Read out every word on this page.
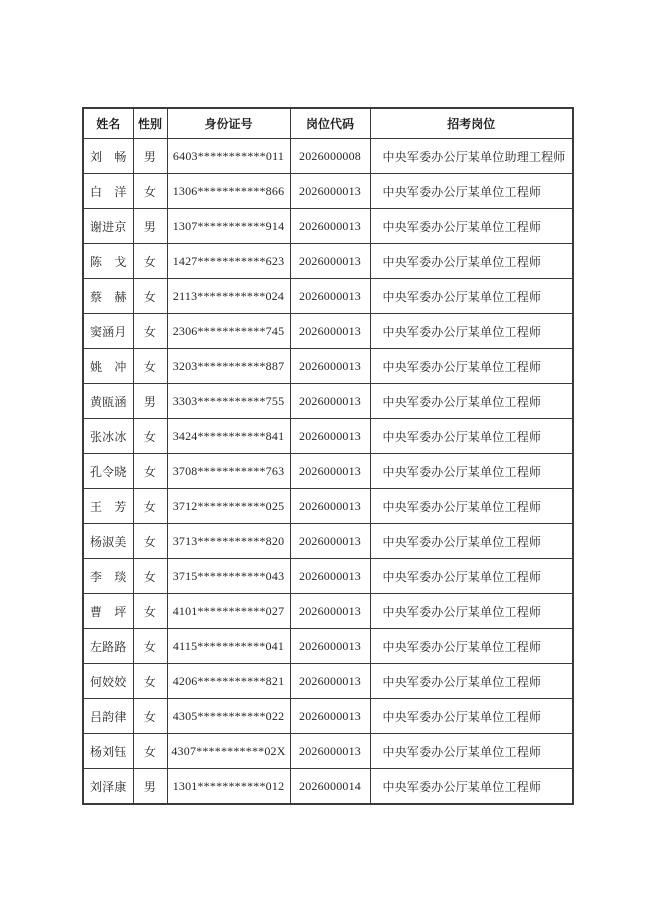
姓名	性别	身份证号	岗位代码	招考岗位
刘　畅	男	6403***********011	2026000008	中央军委办公厅某单位助理工程师
白　洋	女	1306***********866	2026000013	中央军委办公厅某单位工程师
谢进京	男	1307***********914	2026000013	中央军委办公厅某单位工程师
陈　戈	女	1427***********623	2026000013	中央军委办公厅某单位工程师
蔡　赫	女	2113***********024	2026000013	中央军委办公厅某单位工程师
窦涵月	女	2306***********745	2026000013	中央军委办公厅某单位工程师
姚　冲	女	3203***********887	2026000013	中央军委办公厅某单位工程师
黄瓯涵	男	3303***********755	2026000013	中央军委办公厅某单位工程师
张冰冰	女	3424***********841	2026000013	中央军委办公厅某单位工程师
孔令晓	女	3708***********763	2026000013	中央军委办公厅某单位工程师
王　芳	女	3712***********025	2026000013	中央军委办公厅某单位工程师
杨淑美	女	3713***********820	2026000013	中央军委办公厅某单位工程师
李　琰	女	3715***********043	2026000013	中央军委办公厅某单位工程师
曹　坪	女	4101***********027	2026000013	中央军委办公厅某单位工程师
左路路	女	4115***********041	2026000013	中央军委办公厅某单位工程师
何姣姣	女	4206***********821	2026000013	中央军委办公厅某单位工程师
吕韵律	女	4305***********022	2026000013	中央军委办公厅某单位工程师
杨刘钰	女	4307***********02X	2026000013	中央军委办公厅某单位工程师
刘泽康	男	1301***********012	2026000014	中央军委办公厅某单位工程师
